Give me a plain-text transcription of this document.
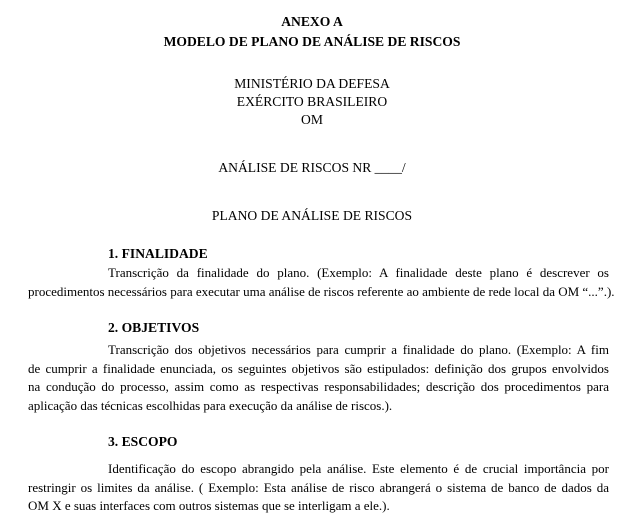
ANEXO A
MODELO DE PLANO DE ANÁLISE DE RISCOS
MINISTÉRIO DA DEFESA
EXÉRCITO BRASILEIRO
OM
ANÁLISE DE RISCOS NR ____/
PLANO DE ANÁLISE DE RISCOS
1. FINALIDADE
Transcrição da finalidade do plano. (Exemplo: A finalidade deste plano é descrever os
procedimentos necessários para executar uma análise de riscos referente ao ambiente de rede local da OM “...”.).
2. OBJETIVOS
Transcrição dos objetivos necessários para cumprir a finalidade do plano. (Exemplo: A fim
de cumprir a finalidade enunciada, os seguintes objetivos são estipulados: definição dos grupos envolvidos
na condução do processo, assim como as respectivas responsabilidades; descrição dos procedimentos para
aplicação das técnicas escolhidas para execução da análise de riscos.).
3. ESCOPO
Identificação do escopo abrangido pela análise. Este elemento é de crucial importância por
restringir os limites da análise. ( Exemplo: Esta análise de risco abrangerá o sistema de banco de dados da
OM X e suas interfaces com outros sistemas que se interligam a ele.).
